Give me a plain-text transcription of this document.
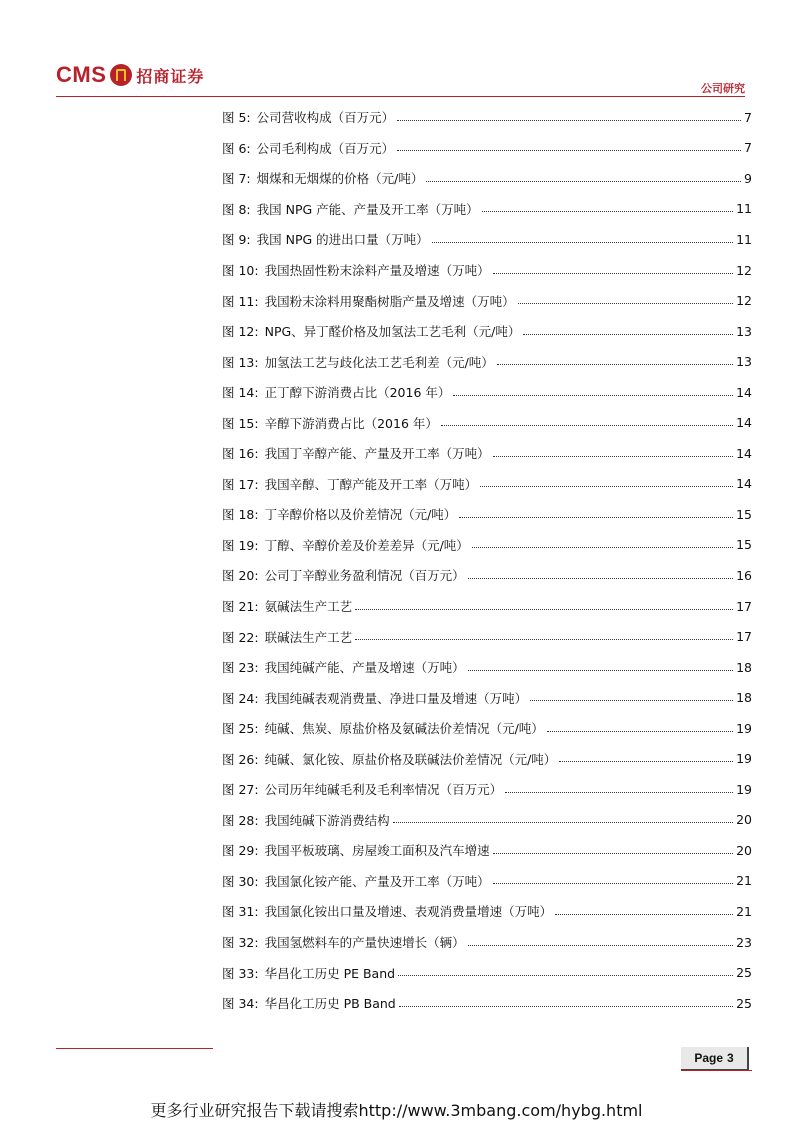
CMS 招商证券
公司研究
图 5: 公司营收构成（百万元）	7
图 6: 公司毛利构成（百万元）	7
图 7: 烟煤和无烟煤的价格（元/吨）	9
图 8: 我国 NPG 产能、产量及开工率（万吨）	11
图 9: 我国 NPG 的进出口量（万吨）	11
图 10: 我国热固性粉末涂料产量及增速（万吨）	12
图 11: 我国粉末涂料用聚酯树脂产量及增速（万吨）	12
图 12: NPG、异丁醛价格及加氢法工艺毛利（元/吨）	13
图 13: 加氢法工艺与歧化法工艺毛利差（元/吨）	13
图 14: 正丁醇下游消费占比（2016 年）	14
图 15: 辛醇下游消费占比（2016 年）	14
图 16: 我国丁辛醇产能、产量及开工率（万吨）	14
图 17: 我国辛醇、丁醇产能及开工率（万吨）	14
图 18: 丁辛醇价格以及价差情况（元/吨）	15
图 19: 丁醇、辛醇价差及价差差异（元/吨）	15
图 20: 公司丁辛醇业务盈利情况（百万元）	16
图 21: 氨碱法生产工艺	17
图 22: 联碱法生产工艺	17
图 23: 我国纯碱产能、产量及增速（万吨）	18
图 24: 我国纯碱表观消费量、净进口量及增速（万吨）	18
图 25: 纯碱、焦炭、原盐价格及氨碱法价差情况（元/吨）	19
图 26: 纯碱、氯化铵、原盐价格及联碱法价差情况（元/吨）	19
图 27: 公司历年纯碱毛利及毛利率情况（百万元）	19
图 28: 我国纯碱下游消费结构	20
图 29: 我国平板玻璃、房屋竣工面积及汽车增速	20
图 30: 我国氯化铵产能、产量及开工率（万吨）	21
图 31: 我国氯化铵出口量及增速、表观消费量增速（万吨）	21
图 32: 我国氢燃料车的产量快速增长（辆）	23
图 33: 华昌化工历史 PE Band	25
图 34: 华昌化工历史 PB Band	25
Page 3
更多行业研究报告下载请搜索http://www.3mbang.com/hybg.html
